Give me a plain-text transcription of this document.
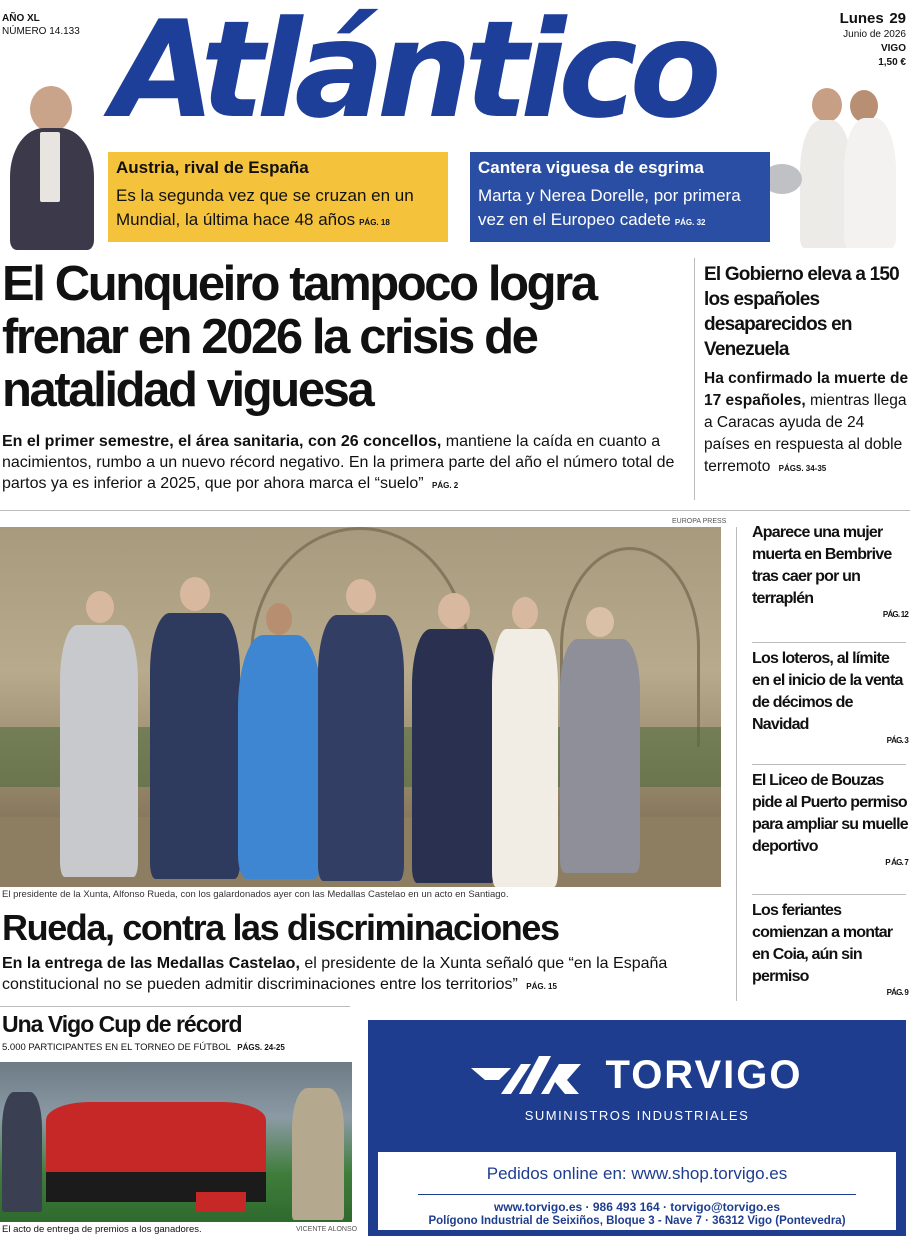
AÑO XL
NÚMERO 14.133
Lunes 29
Junio de 2026
VIGO
1,50 €
Atlántico
Austria, rival de España
Es la segunda vez que se cruzan en un Mundial, la última hace 48 años PÁG. 18
Cantera viguesa de esgrima
Marta y Nerea Dorelle, por primera vez en el Europeo cadete PÁG. 32
El Cunqueiro tampoco logra frenar en 2026 la crisis de natalidad viguesa
En el primer semestre, el área sanitaria, con 26 concellos, mantiene la caída en cuanto a nacimientos, rumbo a un nuevo récord negativo. En la primera parte del año el número total de partos ya es inferior a 2025, que por ahora marca el “suelo” PÁG. 2
El Gobierno eleva a 150 los españoles desaparecidos en Venezuela
Ha confirmado la muerte de 17 españoles, mientras llega a Caracas ayuda de 24 países en respuesta al doble terremoto PÁGS. 34-35
EUROPA PRESS
El presidente de la Xunta, Alfonso Rueda, con los galardonados ayer con las Medallas Castelao en un acto en Santiago.
Aparece una mujer muerta en Bembrive tras caer por un terraplén
PÁG. 12
Los loteros, al límite en el inicio de la venta de décimos de Navidad
PÁG. 3
El Liceo de Bouzas pide al Puerto permiso para ampliar su muelle deportivo
P ÁG. 7
Los feriantes comienzan a montar en Coia, aún sin permiso
PÁG. 9
Rueda, contra las discriminaciones
En la entrega de las Medallas Castelao, el presidente de la Xunta señaló que “en la España constitucional no se pueden admitir discriminaciones entre los territorios” PÁG. 15
Una Vigo Cup de récord
5.000 PARTICIPANTES EN EL TORNEO DE FÚTBOL PÁGS. 24-25
El acto de entrega de premios a los ganadores.	VICENTE ALONSO
TORVIGO
SUMINISTROS INDUSTRIALES
Pedidos online en: www.shop.torvigo.es
www.torvigo.es · 986 493 164 · torvigo@torvigo.es
Polígono Industrial de Seixiños, Bloque 3 - Nave 7 · 36312 Vigo (Pontevedra)
